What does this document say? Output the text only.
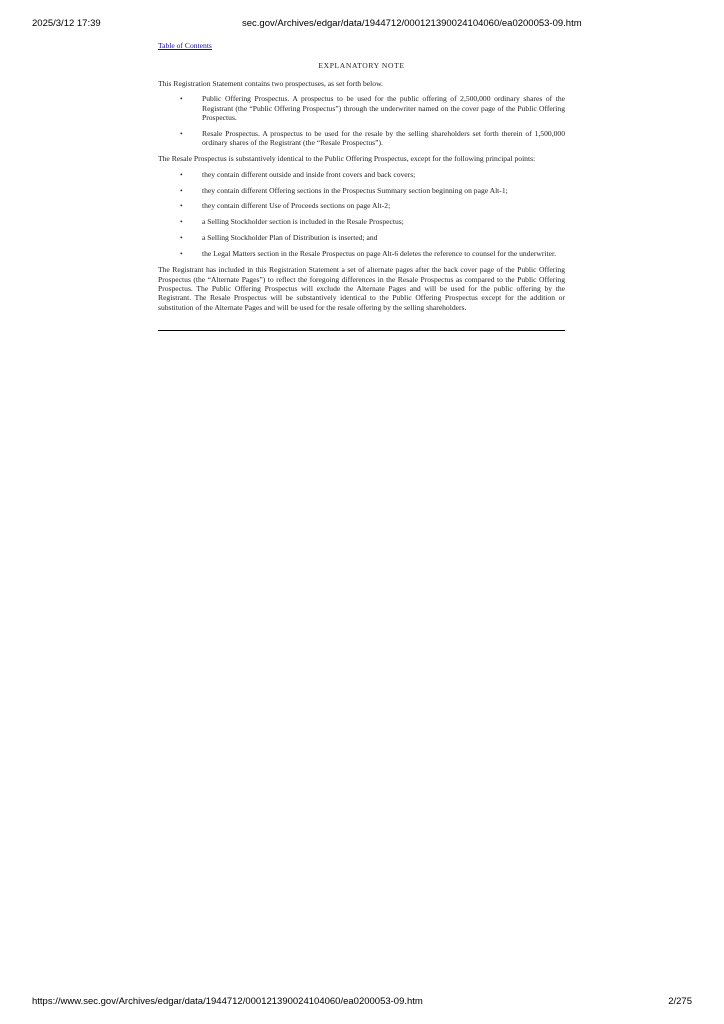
2025/3/12 17:39	sec.gov/Archives/edgar/data/1944712/000121390024104060/ea0200053-09.htm
Table of Contents
EXPLANATORY NOTE

This Registration Statement contains two prospectuses, as set forth below.

•	Public Offering Prospectus. A prospectus to be used for the public offering of 2,500,000 ordinary shares of the Registrant (the “Public Offering Prospectus”) through the underwriter named on the cover page of the Public Offering Prospectus.
•	Resale Prospectus. A prospectus to be used for the resale by the selling shareholders set forth therein of 1,500,000 ordinary shares of the Registrant (the “Resale Prospectus”).

The Resale Prospectus is substantively identical to the Public Offering Prospectus, except for the following principal points:

•	they contain different outside and inside front covers and back covers;
•	they contain different Offering sections in the Prospectus Summary section beginning on page Alt-1;
•	they contain different Use of Proceeds sections on page Alt-2;
•	a Selling Stockholder section is included in the Resale Prospectus;
•	a Selling Stockholder Plan of Distribution is inserted; and
•	the Legal Matters section in the Resale Prospectus on page Alt-6 deletes the reference to counsel for the underwriter.

The Registrant has included in this Registration Statement a set of alternate pages after the back cover page of the Public Offering Prospectus (the “Alternate Pages”) to reflect the foregoing differences in the Resale Prospectus as compared to the Public Offering Prospectus. The Public Offering Prospectus will exclude the Alternate Pages and will be used for the public offering by the Registrant. The Resale Prospectus will be substantively identical to the Public Offering Prospectus except for the addition or substitution of the Alternate Pages and will be used for the resale offering by the selling shareholders.

https://www.sec.gov/Archives/edgar/data/1944712/000121390024104060/ea0200053-09.htm	2/275
